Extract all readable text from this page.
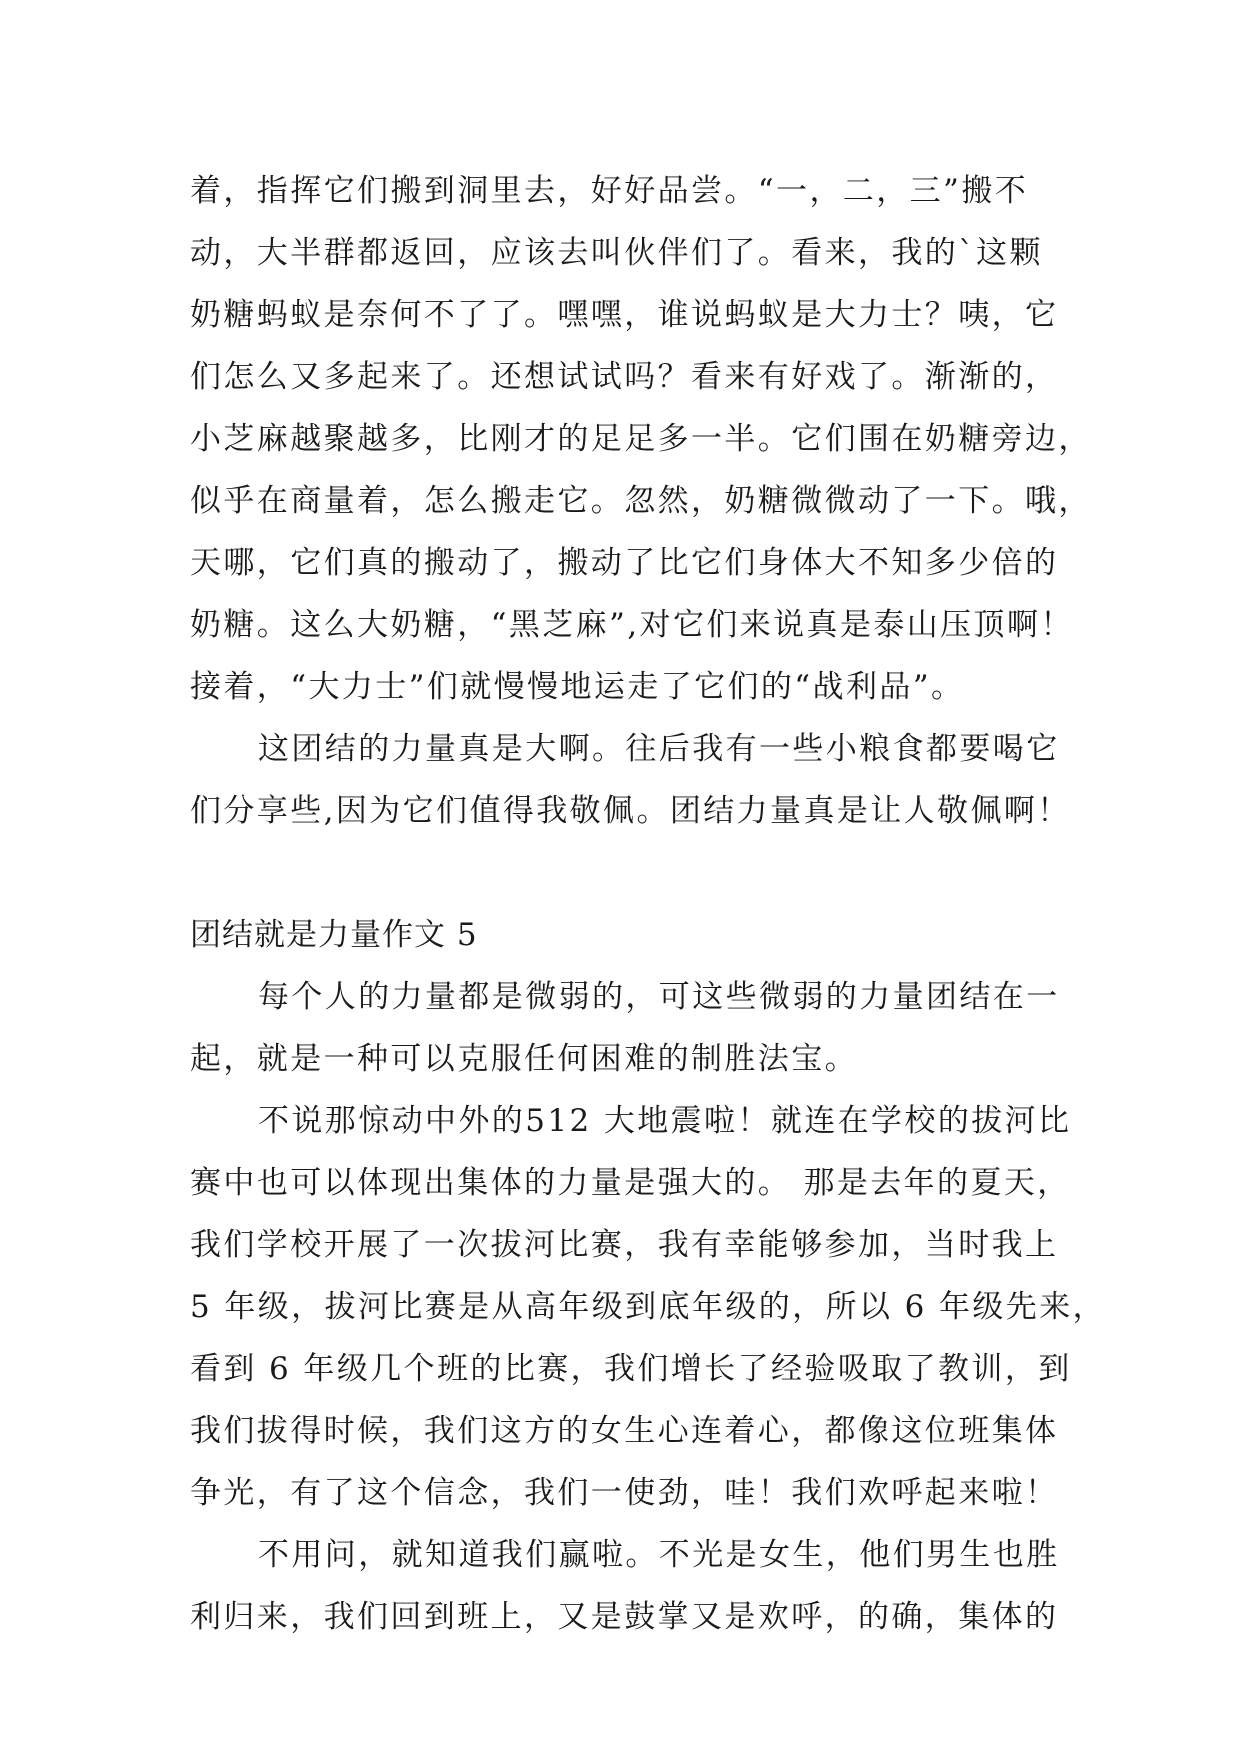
着，指挥它们搬到洞里去，好好品尝。“一，二，三”搬不
动，大半群都返回，应该去叫伙伴们了。看来，我的`这颗
奶糖蚂蚁是奈何不了了。嘿嘿，谁说蚂蚁是大力士？咦，它
们怎么又多起来了。还想试试吗？看来有好戏了。渐渐的，
小芝麻越聚越多，比刚才的足足多一半。它们围在奶糖旁边，
似乎在商量着，怎么搬走它。忽然，奶糖微微动了一下。哦，
天哪，它们真的搬动了，搬动了比它们身体大不知多少倍的
奶糖。这么大奶糖，“黑芝麻”,对它们来说真是泰山压顶啊！
接着，“大力士”们就慢慢地运走了它们的“战利品”。
这团结的力量真是大啊。往后我有一些小粮食都要喝它
们分享些,因为它们值得我敬佩。团结力量真是让人敬佩啊！
团结就是力量作文 5
每个人的力量都是微弱的，可这些微弱的力量团结在一
起，就是一种可以克服任何困难的制胜法宝。
不说那惊动中外的512 大地震啦！就连在学校的拔河比
赛中也可以体现出集体的力量是强大的。 那是去年的夏天，
我们学校开展了一次拔河比赛，我有幸能够参加，当时我上
5 年级，拔河比赛是从高年级到底年级的，所以 6 年级先来，
看到 6 年级几个班的比赛，我们增长了经验吸取了教训，到
我们拔得时候，我们这方的女生心连着心，都像这位班集体
争光，有了这个信念，我们一使劲，哇！我们欢呼起来啦！
不用问，就知道我们赢啦。不光是女生，他们男生也胜
利归来，我们回到班上，又是鼓掌又是欢呼，的确，集体的
